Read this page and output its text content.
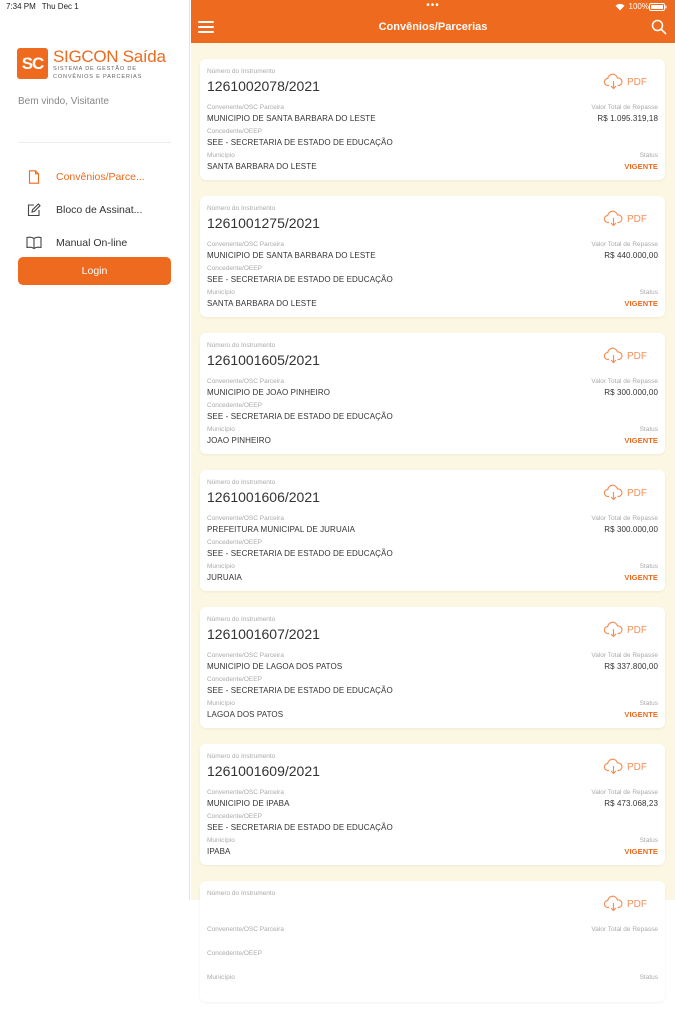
7:34 PM Thu Dec 1
SC SIGCON Saída
SISTEMA DE GESTÃO DE
CONVÊNIOS E PARCERIAS
Bem vindo, Visitante
Convênios/Parce...
Bloco de Assinat...
Manual On-line
Login
•••	100%
Convênios/Parcerias
Número do Instrumento
1261002078/2021	PDF
Convenente/OSC Parceira	Valor Total de Repasse
MUNICIPIO DE SANTA BARBARA DO LESTE	R$ 1.095.319,18
Concedente/OEEP
SEE - SECRETARIA DE ESTADO DE EDUCAÇÃO
Município	Status
SANTA BARBARA DO LESTE	VIGENTE
Número do Instrumento
1261001275/2021	PDF
Convenente/OSC Parceira	Valor Total de Repasse
MUNICIPIO DE SANTA BARBARA DO LESTE	R$ 440.000,00
Concedente/OEEP
SEE - SECRETARIA DE ESTADO DE EDUCAÇÃO
Município	Status
SANTA BARBARA DO LESTE	VIGENTE
Número do Instrumento
1261001605/2021	PDF
Convenente/OSC Parceira	Valor Total de Repasse
MUNICIPIO DE JOAO PINHEIRO	R$ 300.000,00
Concedente/OEEP
SEE - SECRETARIA DE ESTADO DE EDUCAÇÃO
Município	Status
JOAO PINHEIRO	VIGENTE
Número do Instrumento
1261001606/2021	PDF
Convenente/OSC Parceira	Valor Total de Repasse
PREFEITURA MUNICIPAL DE JURUAIA	R$ 300.000,00
Concedente/OEEP
SEE - SECRETARIA DE ESTADO DE EDUCAÇÃO
Município	Status
JURUAIA	VIGENTE
Número do Instrumento
1261001607/2021	PDF
Convenente/OSC Parceira	Valor Total de Repasse
MUNICIPIO DE LAGOA DOS PATOS	R$ 337.800,00
Concedente/OEEP
SEE - SECRETARIA DE ESTADO DE EDUCAÇÃO
Município	Status
LAGOA DOS PATOS	VIGENTE
Número do Instrumento
1261001609/2021	PDF
Convenente/OSC Parceira	Valor Total de Repasse
MUNICIPIO DE IPABA	R$ 473.068,23
Concedente/OEEP
SEE - SECRETARIA DE ESTADO DE EDUCAÇÃO
Município	Status
IPABA	VIGENTE
Número do Instrumento
PDF
Convenente/OSC Parceira	Valor Total de Repasse
Concedente/OEEP
Município	Status
